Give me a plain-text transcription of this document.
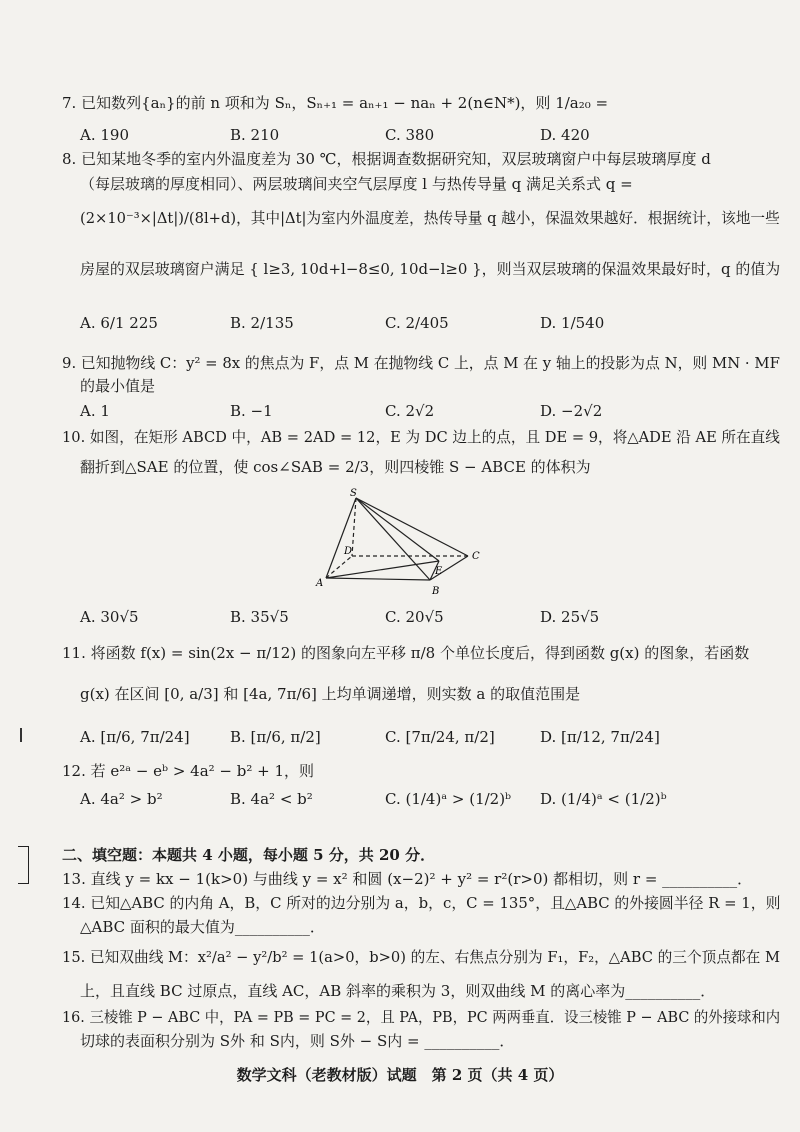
7. 已知数列{aₙ}的前 n 项和为 Sₙ，Sₙ₊₁ = aₙ₊₁ − naₙ + 2(n∈N*)，则 1/a₂₀ =
A. 190	B. 210	C. 380	D. 420
8. 已知某地冬季的室内外温度差为 30 ℃，根据调查数据研究知，双层玻璃窗户中每层玻璃厚度 d
（每层玻璃的厚度相同）、两层玻璃间夹空气层厚度 l 与热传导量 q 满足关系式 q =
(2×10⁻³×|Δt|)/(8l+d)，其中|Δt|为室内外温度差，热传导量 q 越小，保温效果越好．根据统计，该地一些
房屋的双层玻璃窗户满足 { l≥3, 10d+l−8≤0, 10d−l≥0 }，则当双层玻璃的保温效果最好时，q 的值为
A. 6/1 225	B. 2/135	C. 2/405	D. 1/540
9. 已知抛物线 C：y² = 8x 的焦点为 F，点 M 在抛物线 C 上，点 M 在 y 轴上的投影为点 N，则 MN · MF
的最小值是
A. 1	B. −1	C. 2√2	D. −2√2
10. 如图，在矩形 ABCD 中，AB = 2AD = 12，E 为 DC 边上的点，且 DE = 9，将△ADE 沿 AE 所在直线
翻折到△SAE 的位置，使 cos∠SAB = 2/3，则四棱锥 S − ABCE 的体积为
S
D
E
C
A
B
A. 30√5	B. 35√5	C. 20√5	D. 25√5
11. 将函数 f(x) = sin(2x − π/12) 的图象向左平移 π/8 个单位长度后，得到函数 g(x) 的图象，若函数
g(x) 在区间 [0, a/3] 和 [4a, 7π/6] 上均单调递增，则实数 a 的取值范围是
A. [π/6, 7π/24]	B. [π/6, π/2]	C. [7π/24, π/2]	D. [π/12, 7π/24]
12. 若 e²ᵃ − eᵇ > 4a² − b² + 1，则
A. 4a² > b²	B. 4a² < b²	C. (1/4)ᵃ > (1/2)ᵇ D. (1/4)ᵃ < (1/2)ᵇ
二、填空题：本题共 4 小题，每小题 5 分，共 20 分．
13. 直线 y = kx − 1(k>0) 与曲线 y = x² 和圆 (x−2)² + y² = r²(r>0) 都相切，则 r = __________．
14. 已知△ABC 的内角 A，B，C 所对的边分别为 a，b，c，C = 135°，且△ABC 的外接圆半径 R = 1，则
△ABC 面积的最大值为__________．
15. 已知双曲线 M：x²/a² − y²/b² = 1(a>0，b>0) 的左、右焦点分别为 F₁，F₂，△ABC 的三个顶点都在 M
上，且直线 BC 过原点，直线 AC，AB 斜率的乘积为 3，则双曲线 M 的离心率为__________．
16. 三棱锥 P − ABC 中，PA = PB = PC = 2，且 PA，PB，PC 两两垂直．设三棱锥 P − ABC 的外接球和内
切球的表面积分别为 S外 和 S内，则 S外 − S内 = __________．
数学文科（老教材版）试题　第 2 页（共 4 页）
